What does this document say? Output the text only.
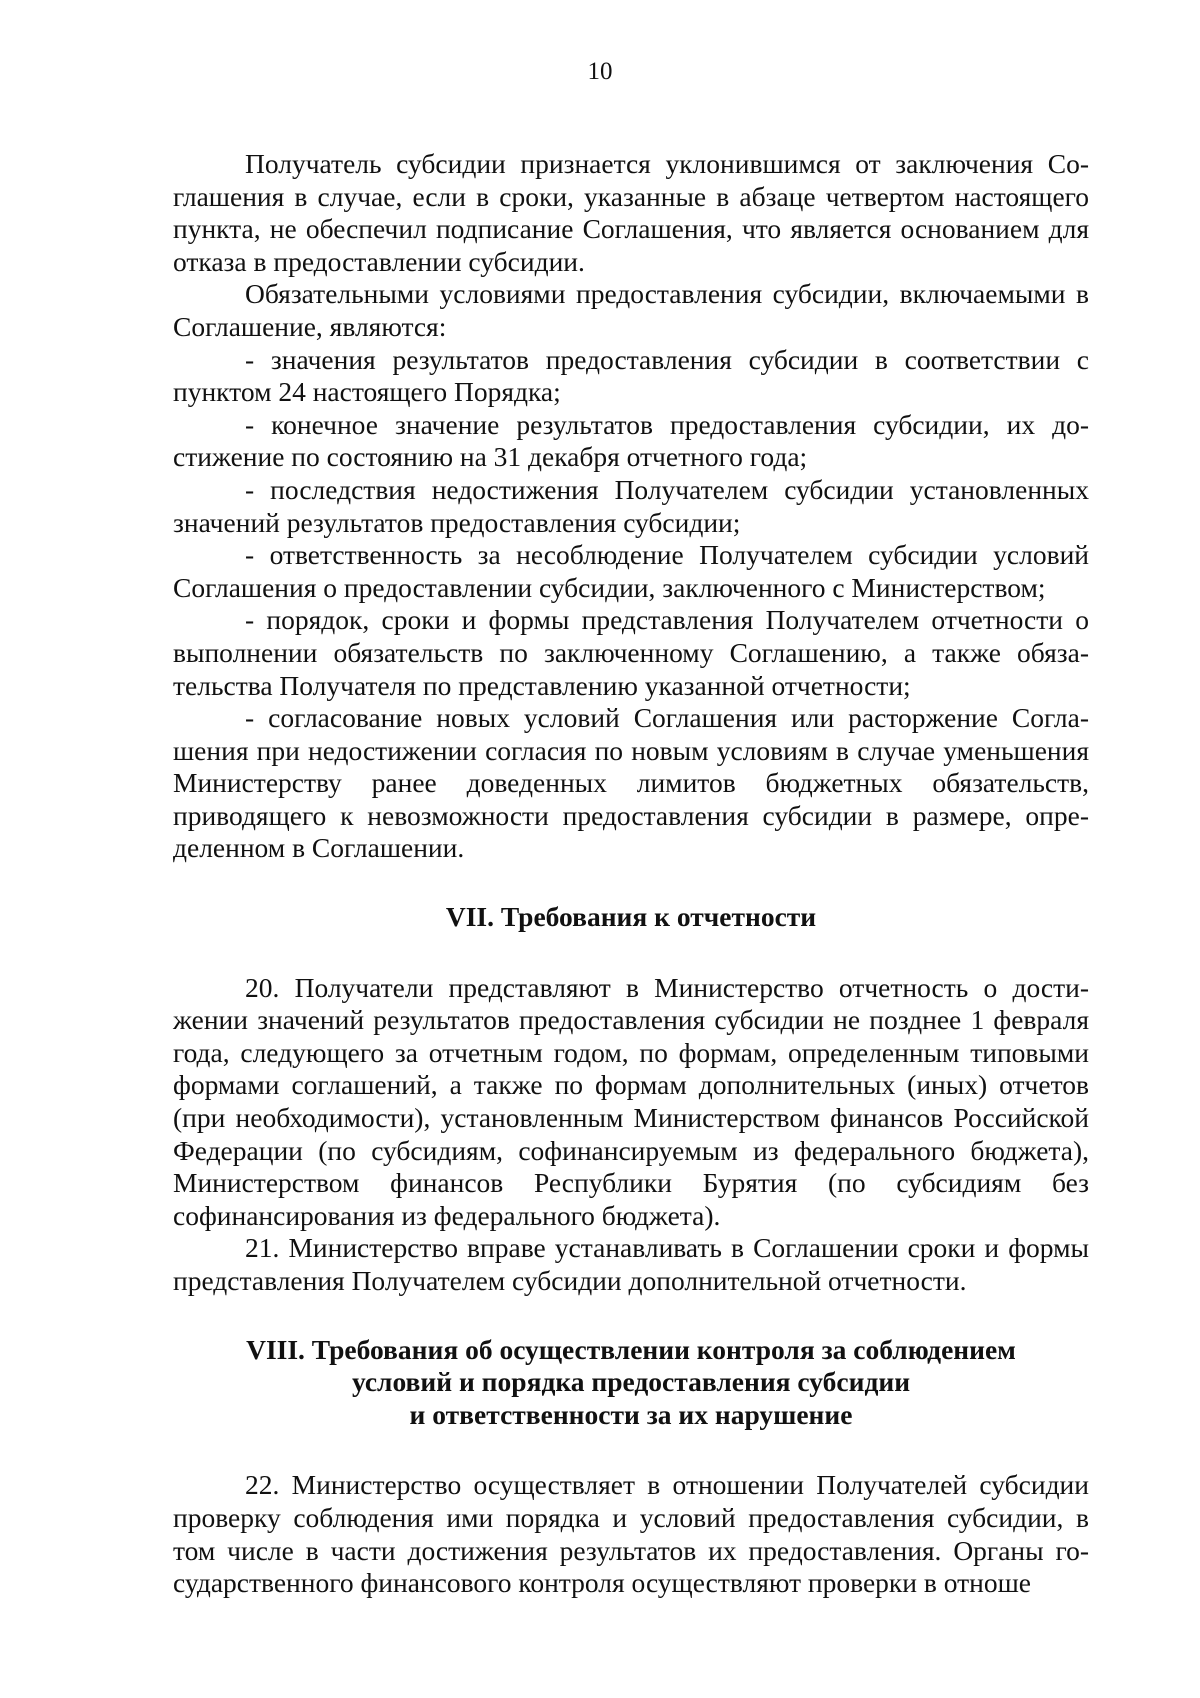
10

Получатель субсидии признается уклонившимся от заключения Соглашения в случае, если в сроки, указанные в абзаце четвертом настоящего пункта, не обеспечил подписание Соглашения, что является основанием для отказа в предоставлении субсидии.

Обязательными условиями предоставления субсидии, включаемыми в Соглашение, являются:

- значения результатов предоставления субсидии в соответствии с пунктом 24 настоящего Порядка;

- конечное значение результатов предоставления субсидии, их достижение по состоянию на 31 декабря отчетного года;

- последствия недостижения Получателем субсидии установленных значений результатов предоставления субсидии;

- ответственность за несоблюдение Получателем субсидии условий Соглашения о предоставлении субсидии, заключенного с Министерством;

- порядок, сроки и формы представления Получателем отчетности о выполнении обязательств по заключенному Соглашению, а также обязательства Получателя по представлению указанной отчетности;

- согласование новых условий Соглашения или расторжение Соглашения при недостижении согласия по новым условиям в случае уменьшения Министерству ранее доведенных лимитов бюджетных обязательств, приводящего к невозможности предоставления субсидии в размере, определенном в Соглашении.

VII. Требования к отчетности

20. Получатели представляют в Министерство отчетность о достижении значений результатов предоставления субсидии не позднее 1 февраля года, следующего за отчетным годом, по формам, определенным типовыми формами соглашений, а также по формам дополнительных (иных) отчетов (при необходимости), установленным Министерством финансов Российской Федерации (по субсидиям, софинансируемым из федерального бюджета), Министерством финансов Республики Бурятия (по субсидиям без софинансирования из федерального бюджета).

21. Министерство вправе устанавливать в Соглашении сроки и формы представления Получателем субсидии дополнительной отчетности.

VIII. Требования об осуществлении контроля за соблюдением

условий и порядка предоставления субсидии

и ответственности за их нарушение

22. Министерство осуществляет в отношении Получателей субсидии проверку соблюдения ими порядка и условий предоставления субсидии, в том числе в части достижения результатов их предоставления. Органы государственного финансового контроля осуществляют проверки в отноше
